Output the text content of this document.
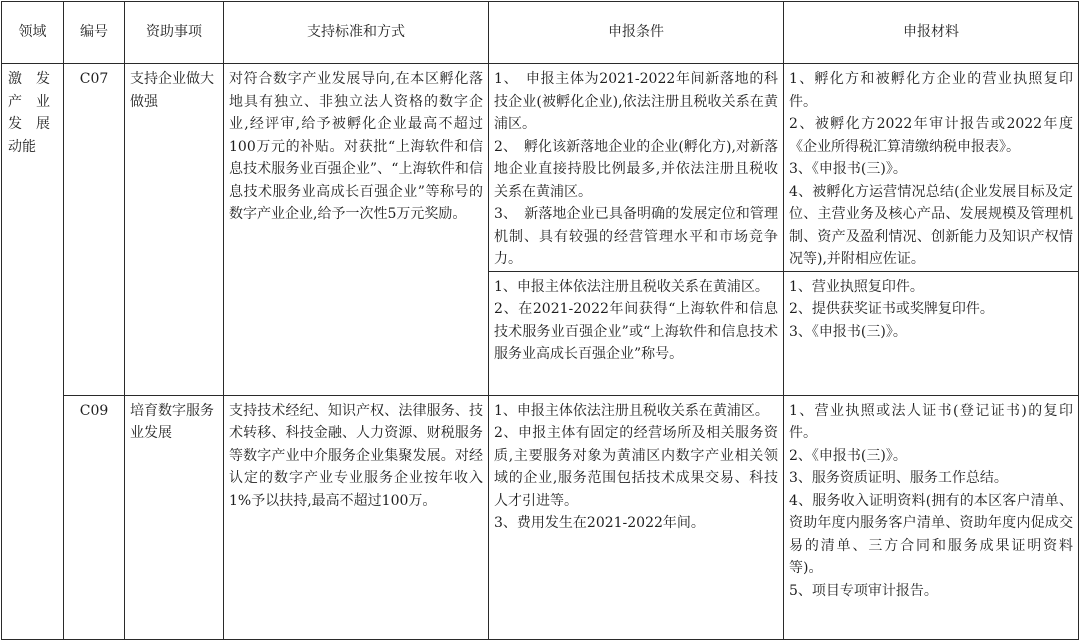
领域	编号	资助事项	支持标准和方式	申报条件	申报材料

激　发
产　业
发　展
动能	C07	支持企业做大做强	对符合数字产业发展导向,在本区孵化落地具有独立、非独立法人资格的数字企业,经评审,给予被孵化企业最高不超过100万元的补贴。对获批“上海软件和信息技术服务业百强企业”、“上海软件和信息技术服务业高成长百强企业”等称号的数字产业企业,给予一次性5万元奖励。	1、　申报主体为2021-2022年间新落地的科技企业(被孵化企业),依法注册且税收关系在黄浦区。
2、　孵化该新落地企业的企业(孵化方),对新落地企业直接持股比例最多,并依法注册且税收关系在黄浦区。
3、　新落地企业已具备明确的发展定位和管理机制、具有较强的经营管理水平和市场竞争力。	1、孵化方和被孵化方企业的营业执照复印件。
2、被孵化方2022年审计报告或2022年度《企业所得税汇算清缴纳税申报表》。
3、《申报书(三)》。
4、被孵化方运营情况总结(企业发展目标及定位、主营业务及核心产品、发展规模及管理机制、资产及盈利情况、创新能力及知识产权情况等),并附相应佐证。

				1、申报主体依法注册且税收关系在黄浦区。
2、在2021-2022年间获得“上海软件和信息技术服务业百强企业”或“上海软件和信息技术服务业高成长百强企业”称号。	1、营业执照复印件。
2、提供获奖证书或奖牌复印件。
3、《申报书(三)》。

	C09	培育数字服务业发展	支持技术经纪、知识产权、法律服务、技术转移、科技金融、人力资源、财税服务等数字产业中介服务企业集聚发展。对经认定的数字产业专业服务企业按年收入1%予以扶持,最高不超过100万。	1、申报主体依法注册且税收关系在黄浦区。
2、申报主体有固定的经营场所及相关服务资质,主要服务对象为黄浦区内数字产业相关领域的企业,服务范围包括技术成果交易、科技人才引进等。
3、费用发生在2021-2022年间。	1、营业执照或法人证书(登记证书)的复印件。
2、《申报书(三)》。
3、服务资质证明、服务工作总结。
4、服务收入证明资料(拥有的本区客户清单、资助年度内服务客户清单、资助年度内促成交易的清单、三方合同和服务成果证明资料等)。
5、项目专项审计报告。
